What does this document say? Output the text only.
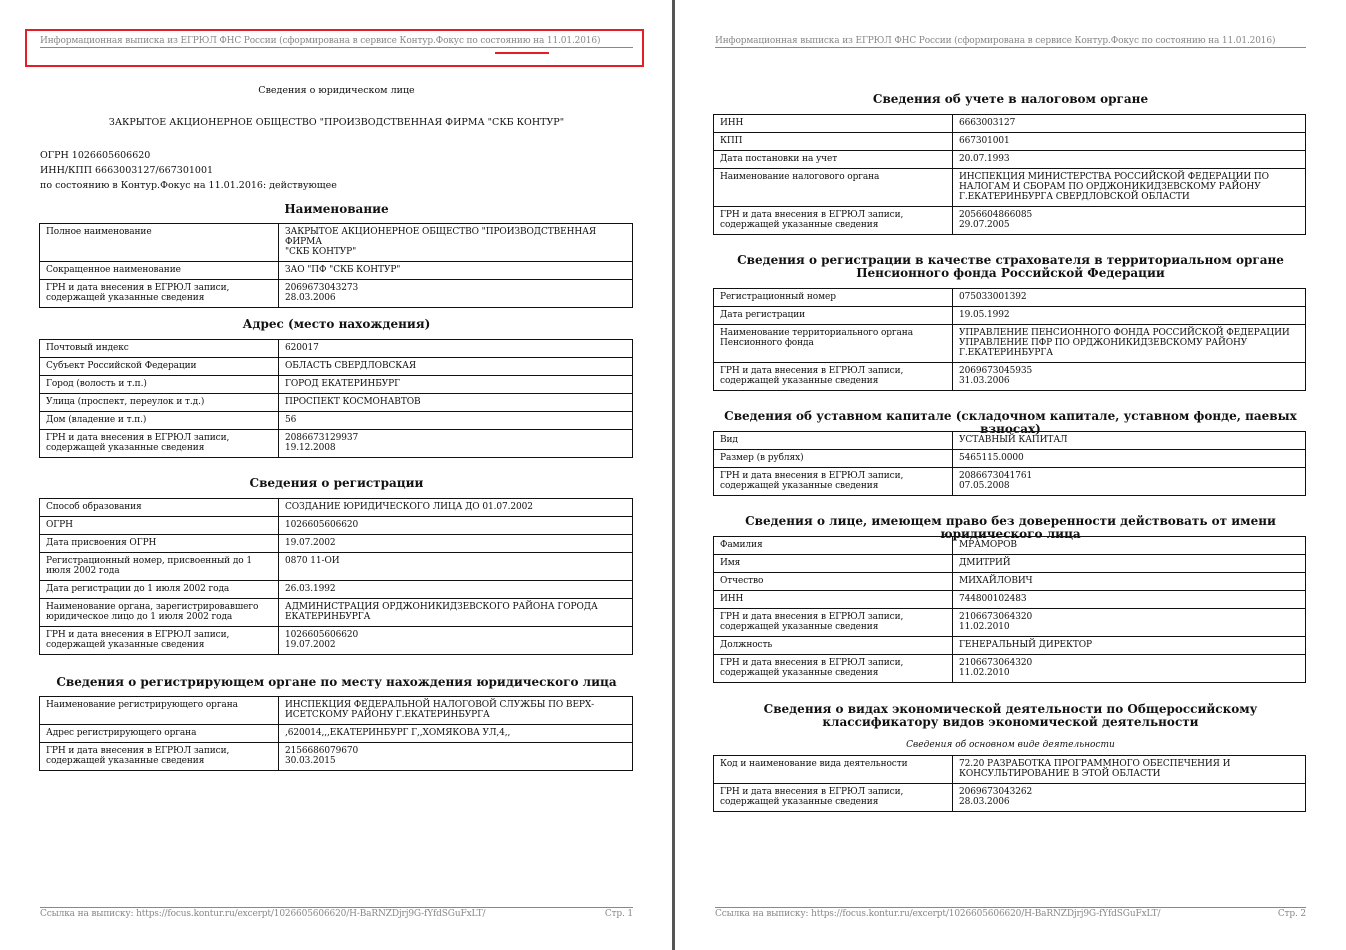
Информационная выписка из ЕГРЮЛ ФНС России (сформирована в сервисе Контур.Фокус по состоянию на 11.01.2016)
Сведения о юридическом лице
ЗАКРЫТОЕ АКЦИОНЕРНОЕ ОБЩЕСТВО "ПРОИЗВОДСТВЕННАЯ ФИРМА "СКБ КОНТУР"
ОГРН 1026605606620
ИНН/КПП 6663003127/667301001
по состоянию в Контур.Фокус на 11.01.2016: действующее
Наименование
Полное наименование	ЗАКРЫТОЕ АКЦИОНЕРНОЕ ОБЩЕСТВО "ПРОИЗВОДСТВЕННАЯ ФИРМА
"СКБ КОНТУР"
Сокращенное наименование	ЗАО "ПФ "СКБ КОНТУР"
ГРН и дата внесения в ЕГРЮЛ записи,
содержащей указанные сведения	2069673043273
28.03.2006
Адрес (место нахождения)
Почтовый индекс	620017
Субъект Российской Федерации	ОБЛАСТЬ СВЕРДЛОВСКАЯ
Город (волость и т.п.)	ГОРОД ЕКАТЕРИНБУРГ
Улица (проспект, переулок и т.д.)	ПРОСПЕКТ КОСМОНАВТОВ
Дом (владение и т.п.)	56
ГРН и дата внесения в ЕГРЮЛ записи,
содержащей указанные сведения	2086673129937
19.12.2008
Сведения о регистрации
Способ образования	СОЗДАНИЕ ЮРИДИЧЕСКОГО ЛИЦА ДО 01.07.2002
ОГРН	1026605606620
Дата присвоения ОГРН	19.07.2002
Регистрационный номер, присвоенный до 1
июля 2002 года	0870 11-ОИ
Дата регистрации до 1 июля 2002 года	26.03.1992
Наименование органа, зарегистрировавшего
юридическое лицо до 1 июля 2002 года	АДМИНИСТРАЦИЯ ОРДЖОНИКИДЗЕВСКОГО РАЙОНА ГОРОДА
ЕКАТЕРИНБУРГА
ГРН и дата внесения в ЕГРЮЛ записи,
содержащей указанные сведения	1026605606620
19.07.2002
Сведения о регистрирующем органе по месту нахождения юридического лица
Наименование регистрирующего органа	ИНСПЕКЦИЯ ФЕДЕРАЛЬНОЙ НАЛОГОВОЙ СЛУЖБЫ ПО ВЕРХ-
ИСЕТСКОМУ РАЙОНУ Г.ЕКАТЕРИНБУРГА
Адрес регистрирующего органа	,620014,,,ЕКАТЕРИНБУРГ Г,,ХОМЯКОВА УЛ,4,,
ГРН и дата внесения в ЕГРЮЛ записи,
содержащей указанные сведения	2156686079670
30.03.2015
Ссылка на выписку: https://focus.kontur.ru/excerpt/1026605606620/H-BaRNZDjrj9G-fYfdSGuFxLT/	Стр. 1
Информационная выписка из ЕГРЮЛ ФНС России (сформирована в сервисе Контур.Фокус по состоянию на 11.01.2016)
Сведения об учете в налоговом органе
ИНН	6663003127
КПП	667301001
Дата постановки на учет	20.07.1993
Наименование налогового органа	ИНСПЕКЦИЯ МИНИСТЕРСТВА РОССИЙСКОЙ ФЕДЕРАЦИИ ПО
НАЛОГАМ И СБОРАМ ПО ОРДЖОНИКИДЗЕВСКОМУ РАЙОНУ
Г.ЕКАТЕРИНБУРГА СВЕРДЛОВСКОЙ ОБЛАСТИ
ГРН и дата внесения в ЕГРЮЛ записи,
содержащей указанные сведения	2056604866085
29.07.2005
Сведения о регистрации в качестве страхователя в территориальном органе Пенсионного фонда Российской Федерации
Регистрационный номер	075033001392
Дата регистрации	19.05.1992
Наименование территориального органа
Пенсионного фонда	УПРАВЛЕНИЕ ПЕНСИОННОГО ФОНДА РОССИЙСКОЙ ФЕДЕРАЦИИ
УПРАВЛЕНИЕ ПФР ПО ОРДЖОНИКИДЗЕВСКОМУ РАЙОНУ
Г.ЕКАТЕРИНБУРГА
ГРН и дата внесения в ЕГРЮЛ записи,
содержащей указанные сведения	2069673045935
31.03.2006
Сведения об уставном капитале (складочном капитале, уставном фонде, паевых взносах)
Вид	УСТАВНЫЙ КАПИТАЛ
Размер (в рублях)	5465115.0000
ГРН и дата внесения в ЕГРЮЛ записи,
содержащей указанные сведения	2086673041761
07.05.2008
Сведения о лице, имеющем право без доверенности действовать от имени юридического лица
Фамилия	МРАМОРОВ
Имя	ДМИТРИЙ
Отчество	МИХАЙЛОВИЧ
ИНН	744800102483
ГРН и дата внесения в ЕГРЮЛ записи,
содержащей указанные сведения	2106673064320
11.02.2010
Должность	ГЕНЕРАЛЬНЫЙ ДИРЕКТОР
ГРН и дата внесения в ЕГРЮЛ записи,
содержащей указанные сведения	2106673064320
11.02.2010
Сведения о видах экономической деятельности по Общероссийскому классификатору видов экономической деятельности
Сведения об основном виде деятельности
Код и наименование вида деятельности	72.20 РАЗРАБОТКА ПРОГРАММНОГО ОБЕСПЕЧЕНИЯ И
КОНСУЛЬТИРОВАНИЕ В ЭТОЙ ОБЛАСТИ
ГРН и дата внесения в ЕГРЮЛ записи,
содержащей указанные сведения	2069673043262
28.03.2006
Ссылка на выписку: https://focus.kontur.ru/excerpt/1026605606620/H-BaRNZDjrj9G-fYfdSGuFxLT/	Стр. 2
